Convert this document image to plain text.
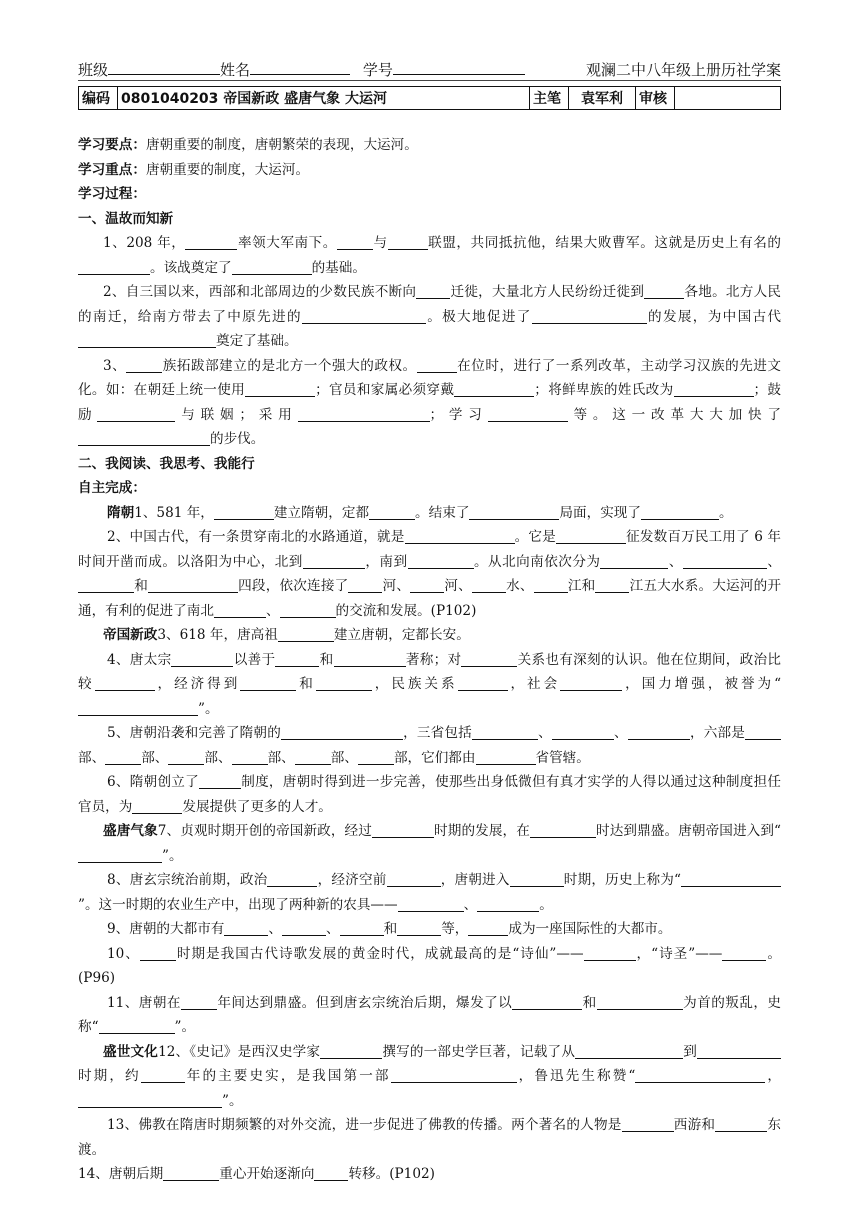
班级	姓名	学号	观澜二中八年级上册历社学案
编码	0801040203 帝国新政 盛唐气象 大运河	主笔	袁军利	审核	

学习要点：唐朝重要的制度，唐朝繁荣的表现，大运河。

学习重点：唐朝重要的制度，大运河。

学习过程：

一、温故而知新

1、208 年，	率领大军南下。	与	联盟，共同抵抗他，结果大败曹军。这就是历史上有名的。该战奠定了	的基础。

2、自三国以来，西部和北部周边的少数民族不断向	迁徙，大量北方人民纷纷迁徙到	各地。北方人民的南迁，给南方带去了中原先进的	。极大地促进了	的发展，为中国古代奠定了基础。

3、	族拓跋部建立的是北方一个强大的政权。	在位时，进行了一系列改革，主动学习汉族的先进文化。如：在朝廷上统一使用	；官员和家属必须穿戴	；将鲜卑族的姓氏改为	；鼓励	与联姻；采用	；学习	等。这一改革大大加快了的步伐。

二、我阅读、我思考、我能行

自主完成：

隋朝1、581 年，	建立隋朝，定都	。结束了	局面，实现了	。

2、中国古代，有一条贯穿南北的水路通道，就是	。它是	征发数百万民工用了 6 年时间开凿而成。以洛阳为中心，北到	，南到	。从北向南依次分为	、	、和	四段，依次连接了	河、	河、	水、	江和	江五大水系。大运河的开通，有利的促进了南北	、	的交流和发展。(P102)

帝国新政3、618 年，唐高祖	建立唐朝，定都长安。

4、唐太宗	以善于	和	著称；对	关系也有深刻的认识。他在位期间，政治比较	，经济得到	和	，民族关系	，社会	，国力增强，被誉为“”。

5、唐朝沿袭和完善了隋朝的	，三省包括	、	、	，六部是部、	部、	部、	部、	部、	部，它们都由	省管辖。

6、隋朝创立了	制度，唐朝时得到进一步完善，使那些出身低微但有真才实学的人得以通过这种制度担任官员，为	发展提供了更多的人才。

盛唐气象7、贞观时期开创的帝国新政，经过	时期的发展，在	时达到鼎盛。唐朝帝国进入到“”。

8、唐玄宗统治前期，政治	，经济空前	，唐朝进入	时期，历史上称为“”。这一时期的农业生产中，出现了两种新的农具——	、	。

9、唐朝的大都市有	、	、	和	等，	成为一座国际性的大都市。

10、	时期是我国古代诗歌发展的黄金时代，成就最高的是“诗仙”——	，“诗圣”——	。(P96)

11、唐朝在	年间达到鼎盛。但到唐玄宗统治后期，爆发了以	和	为首的叛乱，史称“	”。

盛世文化12、《史记》是西汉史学家	撰写的一部史学巨著，记载了从	到时期，约	年的主要史实，是我国第一部	，鲁迅先生称赞“	，”。

13、佛教在隋唐时期频繁的对外交流，进一步促进了佛教的传播。两个著名的人物是	西游和	东渡。

14、唐朝后期	重心开始逐渐向	转移。(P102)
